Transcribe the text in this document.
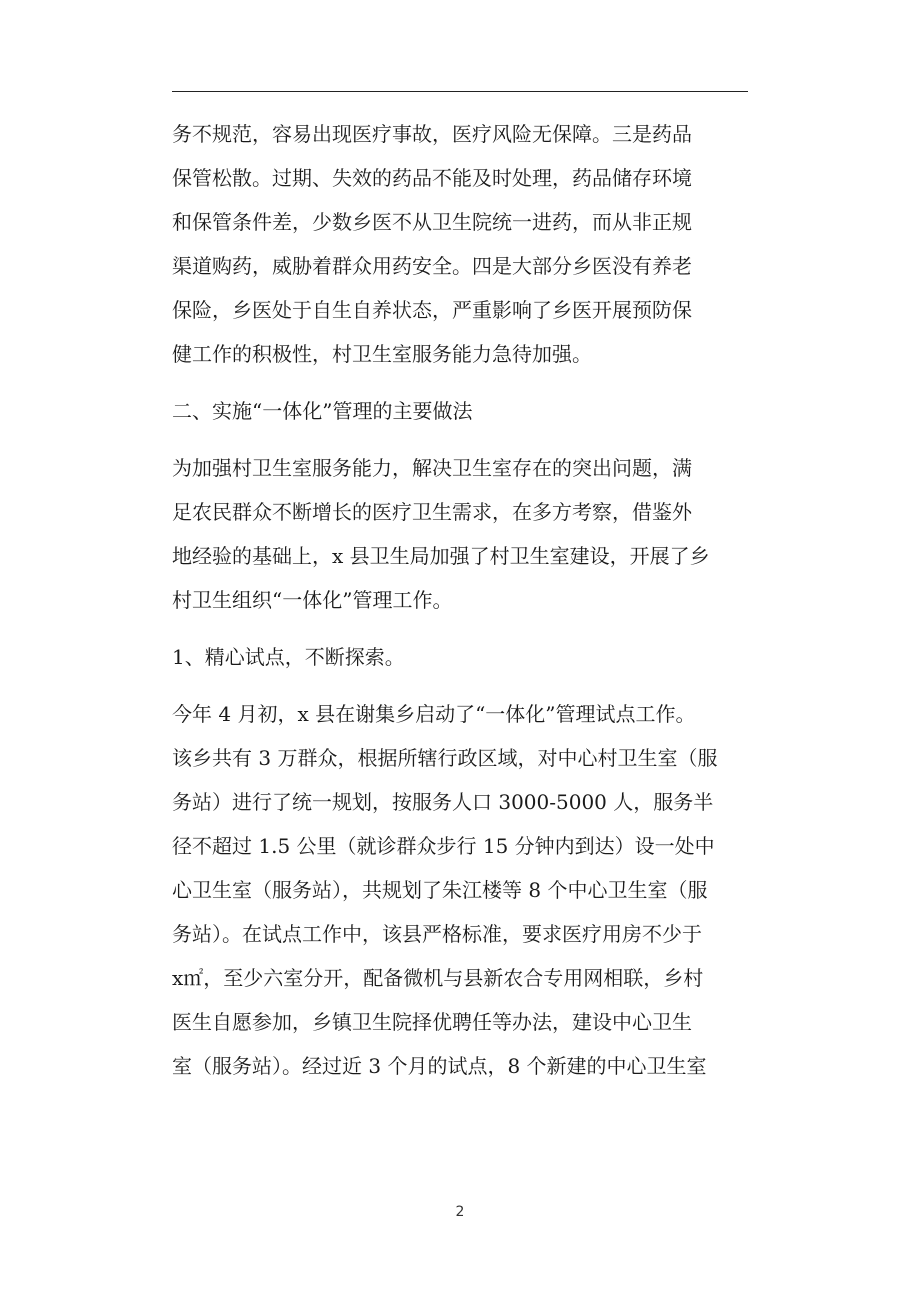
务不规范，容易出现医疗事故，医疗风险无保障。三是药品
保管松散。过期、失效的药品不能及时处理，药品储存环境
和保管条件差，少数乡医不从卫生院统一进药，而从非正规
渠道购药，威胁着群众用药安全。四是大部分乡医没有养老
保险，乡医处于自生自养状态，严重影响了乡医开展预防保
健工作的积极性，村卫生室服务能力急待加强。
二、实施“一体化”管理的主要做法
为加强村卫生室服务能力，解决卫生室存在的突出问题，满
足农民群众不断增长的医疗卫生需求，在多方考察，借鉴外
地经验的基础上，x 县卫生局加强了村卫生室建设，开展了乡
村卫生组织“一体化”管理工作。
1、精心试点，不断探索。
今年 4 月初，x 县在谢集乡启动了“一体化”管理试点工作。
该乡共有 3 万群众，根据所辖行政区域，对中心村卫生室（服
务站）进行了统一规划，按服务人口 3000-5000 人，服务半
径不超过 1.5 公里（就诊群众步行 15 分钟内到达）设一处中
心卫生室（服务站），共规划了朱江楼等 8 个中心卫生室（服
务站）。在试点工作中，该县严格标准，要求医疗用房不少于
x㎡，至少六室分开，配备微机与县新农合专用网相联，乡村
医生自愿参加，乡镇卫生院择优聘任等办法，建设中心卫生
室（服务站）。经过近 3 个月的试点，8 个新建的中心卫生室
2
